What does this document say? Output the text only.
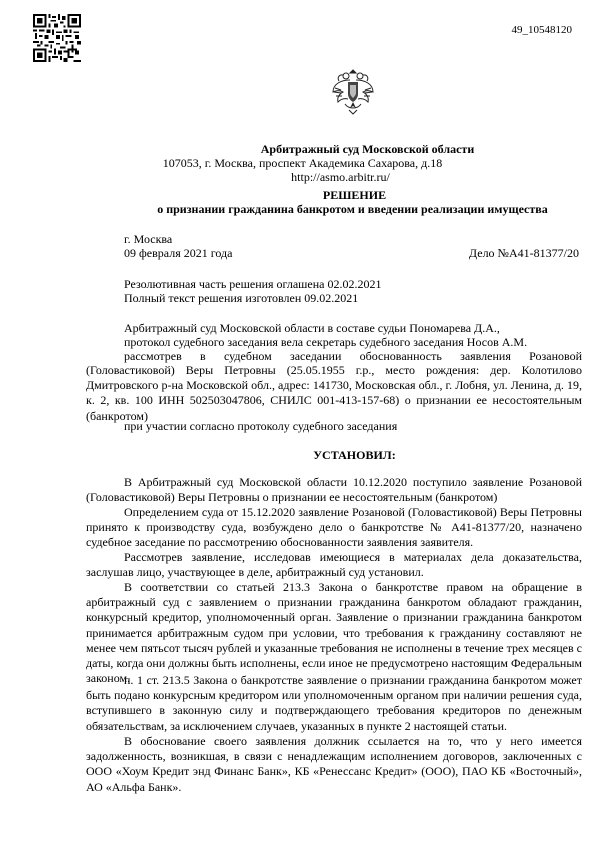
49_10548120
Арбитражный суд Московской области
107053, г. Москва, проспект Академика Сахарова, д.18
http://asmo.arbitr.ru/
РЕШЕНИЕ
о признании гражданина банкротом и введении реализации имущества
г. Москва
09 февраля 2021 года	Дело №А41-81377/20
Резолютивная часть решения оглашена 02.02.2021
Полный текст решения изготовлен 09.02.2021
Арбитражный суд Московской области в составе судьи Пономарева Д.А.,
протокол судебного заседания вела секретарь судебного заседания Носов А.М.
рассмотрев в судебном заседании обоснованность заявления Розановой
(Головастиковой) Веры Петровны (25.05.1955 г.р., место рождения: дер. Колотилово Дмитровского р-на Московской обл., адрес: 141730, Московская обл., г. Лобня, ул. Ленина, д. 19, к. 2, кв. 100 ИНН 502503047806, СНИЛС 001-413-157-68) о признании ее несостоятельным (банкротом)
при участии согласно протоколу судебного заседания
УСТАНОВИЛ:
В Арбитражный суд Московской области 10.12.2020 поступило заявление Розановой (Головастиковой) Веры Петровны о признании ее несостоятельным (банкротом)
Определением суда от 15.12.2020 заявление Розановой (Головастиковой) Веры Петровны принято к производству суда, возбуждено дело о банкротстве № А41-81377/20, назначено судебное заседание по рассмотрению обоснованности заявления заявителя.
Рассмотрев заявление, исследовав имеющиеся в материалах дела доказательства, заслушав лицо, участвующее в деле, арбитражный суд установил.
В соответствии со статьей 213.3 Закона о банкротстве правом на обращение в арбитражный суд с заявлением о признании гражданина банкротом обладают гражданин, конкурсный кредитор, уполномоченный орган. Заявление о признании гражданина банкротом принимается арбитражным судом при условии, что требования к гражданину составляют не менее чем пятьсот тысяч рублей и указанные требования не исполнены в течение трех месяцев с даты, когда они должны быть исполнены, если иное не предусмотрено настоящим Федеральным законом.
п. 1 ст. 213.5 Закона о банкротстве заявление о признании гражданина банкротом может быть подано конкурсным кредитором или уполномоченным органом при наличии решения суда, вступившего в законную силу и подтверждающего требования кредиторов по денежным обязательствам, за исключением случаев, указанных в пункте 2 настоящей статьи.
В обоснование своего заявления должник ссылается на то, что у него имеется задолженность, возникшая, в связи с ненадлежащим исполнением договоров, заключенных с ООО «Хоум Кредит энд Финанс Банк», КБ «Ренессанс Кредит» (ООО), ПАО КБ «Восточный», АО «Альфа Банк».
